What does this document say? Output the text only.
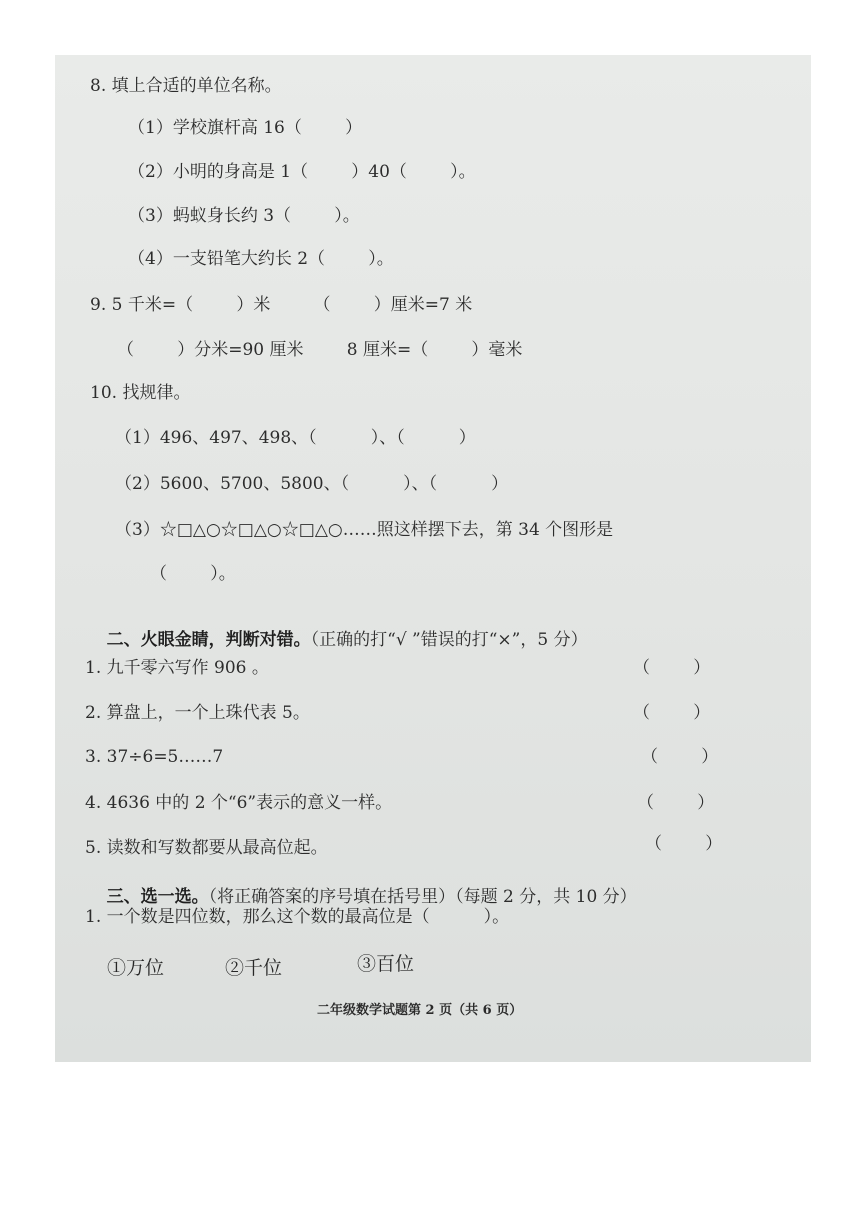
8. 填上合适的单位名称。
（1）学校旗杆高 16（        ）
（2）小明的身高是 1（        ）40（        ）。
（3）蚂蚁身长约 3（        ）。
（4）一支铅笔大约长 2（        ）。
9. 5 千米=（        ）米        （        ）厘米=7 米
（        ）分米=90 厘米        8 厘米=（        ）毫米
10. 找规律。
（1）496、497、498、（          ）、（          ）
（2）5600、5700、5800、（          ）、（          ）
（3）☆□△○☆□△○☆□△○……照这样摆下去，第 34 个图形是
（        ）。

二、火眼金睛，判断对错。（正确的打“√ ”错误的打“×”，5 分）

1. 九千零六写作 906 。	（        ）
2. 算盘上，一个上珠代表 5。	（        ）
3. 37÷6=5……7	（        ）
4. 4636 中的 2 个“6”表示的意义一样。	（        ）
5. 读数和写数都要从最高位起。	（        ）

三、选一选。（将正确答案的序号填在括号里）（每题 2 分，共 10 分）

1. 一个数是四位数，那么这个数的最高位是（          ）。
①万位	②千位	③百位
二年级数学试题第 2 页（共 6 页）
